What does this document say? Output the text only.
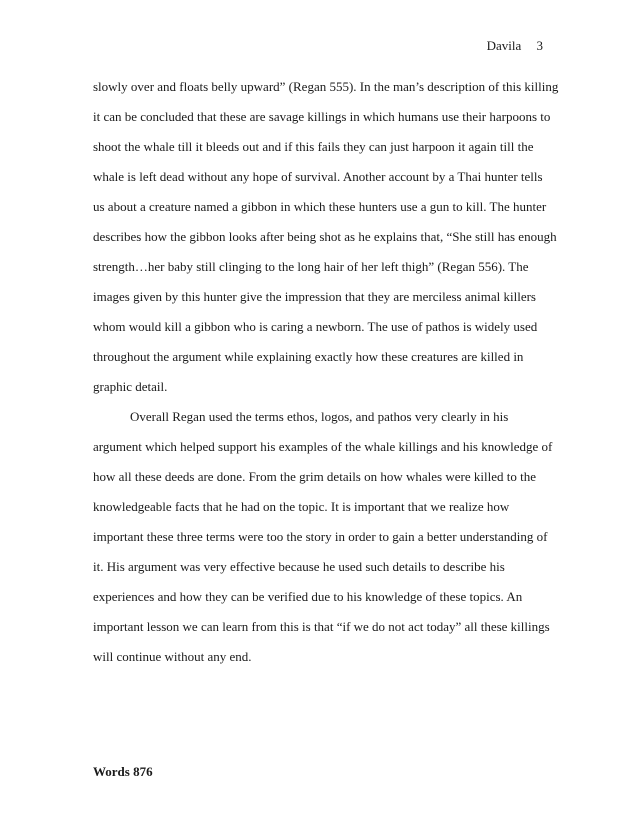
Davila 3
slowly over and floats belly upward” (Regan 555). In the man’s description of this killing
it can be concluded that these are savage killings in which humans use their harpoons to
shoot the whale till it bleeds out and if this fails they can just harpoon it again till the
whale is left dead without any hope of survival. Another account by a Thai hunter tells
us about a creature named a gibbon in which these hunters use a gun to kill. The hunter
describes how the gibbon looks after being shot as he explains that, “She still has enough
strength…her baby still clinging to the long hair of her left thigh” (Regan 556). The
images given by this hunter give the impression that they are merciless animal killers
whom would kill a gibbon who is caring a newborn. The use of pathos is widely used
throughout the argument while explaining exactly how these creatures are killed in
graphic detail.
Overall Regan used the terms ethos, logos, and pathos very clearly in his
argument which helped support his examples of the whale killings and his knowledge of
how all these deeds are done. From the grim details on how whales were killed to the
knowledgeable facts that he had on the topic. It is important that we realize how
important these three terms were too the story in order to gain a better understanding of
it. His argument was very effective because he used such details to describe his
experiences and how they can be verified due to his knowledge of these topics. An
important lesson we can learn from this is that “if we do not act today” all these killings
will continue without any end.
Words 876
